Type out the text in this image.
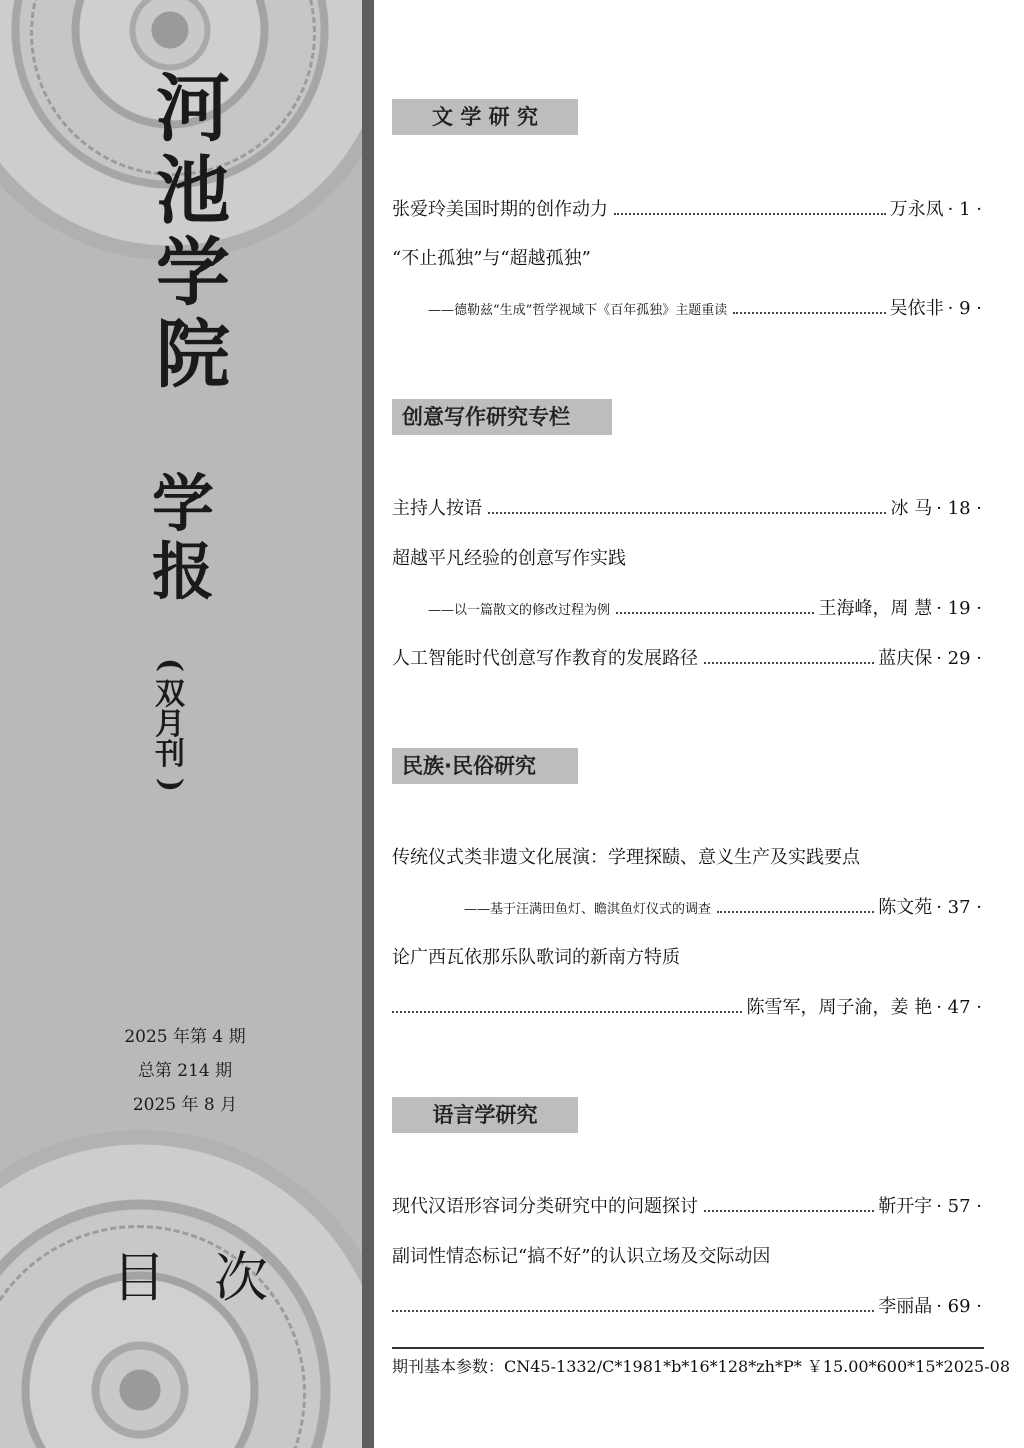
河
池
学
院
学
报
(
双
月
刊
)
2025 年第 4 期
总第 214 期
2025 年 8 月
目次
文 学 研 究
张爱玲美国时期的创作动力	万永凤 · 1 ·
“不止孤独”与“超越孤独”
——德勒兹“生成”哲学视域下《百年孤独》主题重读	吴依非 · 9 ·
创意写作研究专栏
主持人按语	冰 马 · 18 ·
超越平凡经验的创意写作实践
——以一篇散文的修改过程为例	王海峰，周 慧 · 19 ·
人工智能时代创意写作教育的发展路径	蓝庆保 · 29 ·
民族·民俗研究
传统仪式类非遗文化展演：学理探赜、意义生产及实践要点
——基于汪满田鱼灯、瞻淇鱼灯仪式的调查	陈文苑 · 37 ·
论广西瓦依那乐队歌词的新南方特质
陈雪军，周子渝，姜 艳 · 47 ·
语言学研究
现代汉语形容词分类研究中的问题探讨	靳开宇 · 57 ·
副词性情态标记“搞不好”的认识立场及交际动因
李丽晶 · 69 ·
期刊基本参数：CN45-1332/C*1981*b*16*128*zh*P* ￥15.00*600*15*2025-08
